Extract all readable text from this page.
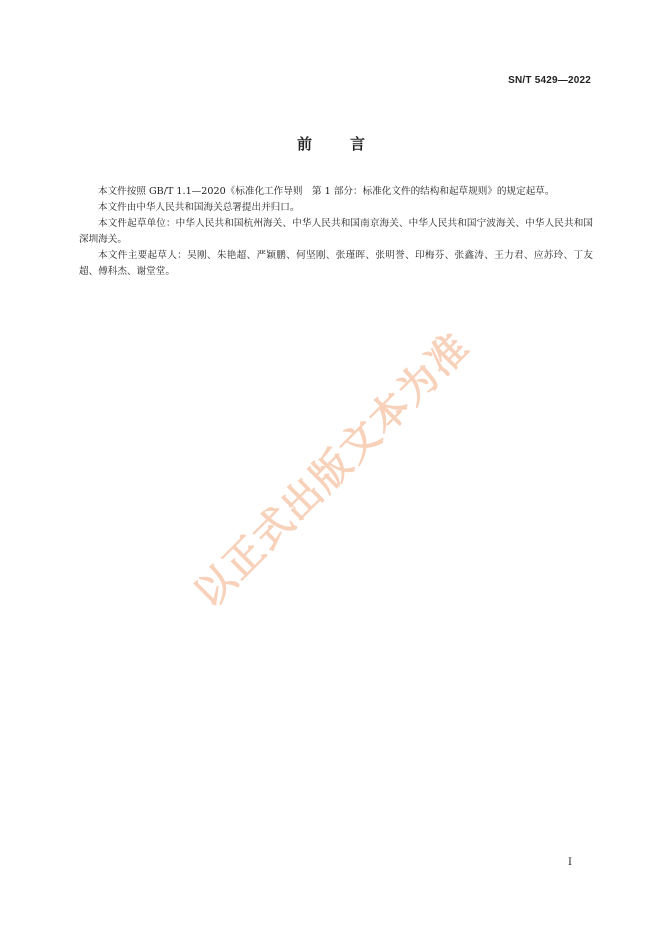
SN/T 5429—2022
前言

本文件按照 GB/T 1.1—2020《标准化工作导则　第 1 部分：标准化文件的结构和起草规则》的规定起草。

本文件由中华人民共和国海关总署提出并归口。

本文件起草单位：中华人民共和国杭州海关、中华人民共和国南京海关、中华人民共和国宁波海关、中华人民共和国深圳海关。

本文件主要起草人：吴刚、朱艳超、严颖鹏、何坚刚、张瑾晖、张明誉、印梅芬、张鑫涛、王力君、应苏玲、丁友超、傅科杰、谢堂堂。

以正式出版文本为准
I
